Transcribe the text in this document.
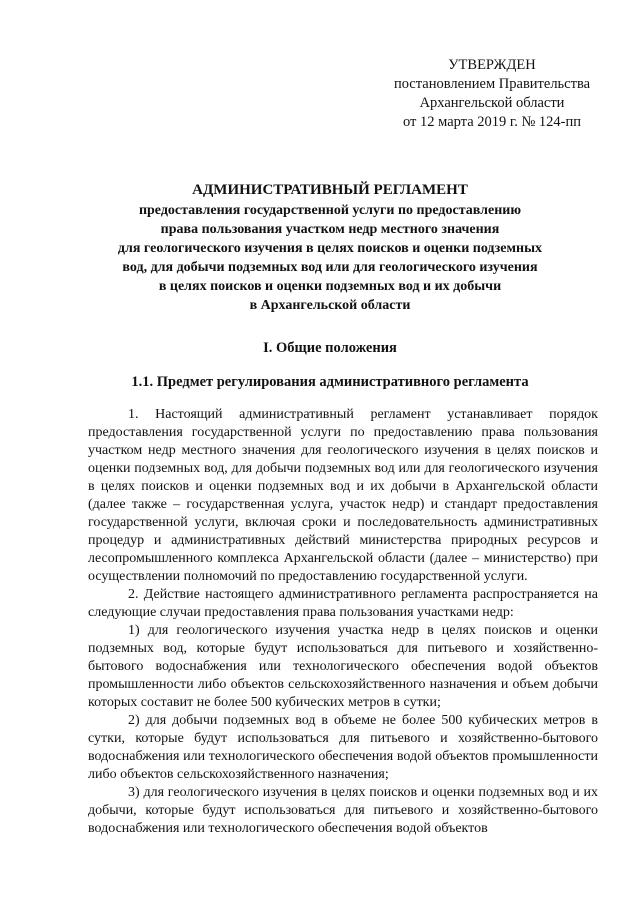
УТВЕРЖДЕН
постановлением Правительства
Архангельской области
от 12 марта 2019 г. № 124-пп
АДМИНИСТРАТИВНЫЙ РЕГЛАМЕНТ
предоставления государственной услуги по предоставлению
права пользования участком недр местного значения
для геологического изучения в целях поисков и оценки подземных
вод, для добычи подземных вод или для геологического изучения
в целях поисков и оценки подземных вод и их добычи
в Архангельской области
I. Общие положения
1.1. Предмет регулирования административного регламента

1. Настоящий административный регламент устанавливает порядок предоставления государственной услуги по предоставлению права пользования участком недр местного значения для геологического изучения в целях поисков и оценки подземных вод, для добычи подземных вод или для геологического изучения в целях поисков и оценки подземных вод и их добычи в Архангельской области (далее также – государственная услуга, участок недр) и стандарт предоставления государственной услуги, включая сроки и последовательность административных процедур и административных действий министерства природных ресурсов и лесопромышленного комплекса Архангельской области (далее – министерство) при осуществлении полномочий по предоставлению государственной услуги.

2. Действие настоящего административного регламента распространяется на следующие случаи предоставления права пользования участками недр:

1) для геологического изучения участка недр в целях поисков и оценки подземных вод, которые будут использоваться для питьевого и хозяйственно-бытового водоснабжения или технологического обеспечения водой объектов промышленности либо объектов сельскохозяйственного назначения и объем добычи которых составит не более 500 кубических метров в сутки;

2) для добычи подземных вод в объеме не более 500 кубических метров в сутки, которые будут использоваться для питьевого и хозяйственно-бытового водоснабжения или технологического обеспечения водой объектов промышленности либо объектов сельскохозяйственного назначения;

3) для геологического изучения в целях поисков и оценки подземных вод и их добычи, которые будут использоваться для питьевого и хозяйственно-бытового водоснабжения или технологического обеспечения водой объектов
